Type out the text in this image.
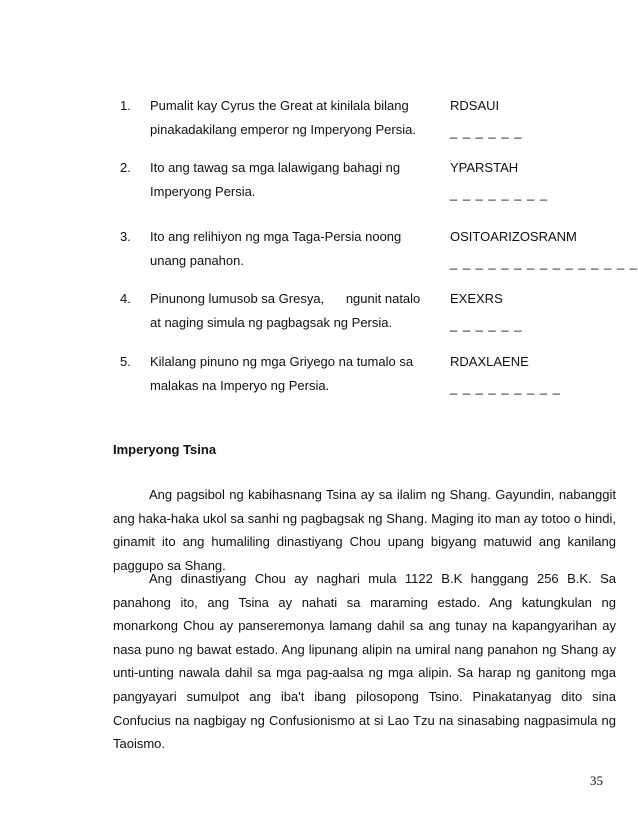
1. Pumalit kay Cyrus the Great at kinilala bilang
pinakadakilang emperor ng Imperyong Persia.
RDSAUI
_ _ _ _ _ _
2. Ito ang tawag sa mga lalawigang bahagi ng
Imperyong Persia.
YPARSTAH
_ _ _ _ _ _ _ _
3. Ito ang relihiyon ng mga Taga-Persia noong
unang panahon.
OSITOARIZOSRANM
_ _ _ _ _ _ _ _ _ _ _ _ _ _ _
4. Pinunong lumusob sa Gresya,      ngunit natalo
at naging simula ng pagbagsak ng Persia.
EXEXRS
_ _ _ _ _ _
5. Kilalang pinuno ng mga Griyego na tumalo sa
malakas na Imperyo ng Persia.
RDAXLAENE
_ _ _ _ _ _ _ _ _
Imperyong Tsina

Ang pagsibol ng kabihasnang Tsina ay sa ilalim ng Shang. Gayundin, nabanggit ang haka-haka ukol sa sanhi ng pagbagsak ng Shang. Maging ito man ay totoo o hindi, ginamit ito ang humaliling dinastiyang Chou upang bigyang matuwid ang kanilang paggupo sa Shang.

Ang dinastiyang Chou ay naghari mula 1122 B.K hanggang 256 B.K. Sa panahong ito, ang Tsina ay nahati sa maraming estado. Ang katungkulan ng monarkong Chou ay panseremonya lamang dahil sa ang tunay na kapangyarihan ay nasa puno ng bawat estado. Ang lipunang alipin na umiral nang panahon ng Shang ay unti-unting nawala dahil sa mga pag-aalsa ng mga alipin. Sa harap ng ganitong mga pangyayari sumulpot ang iba't ibang pilosopong Tsino. Pinakatanyag dito sina Confucius na nagbigay ng Confusionismo at si Lao Tzu na sinasabing nagpasimula ng Taoismo.

35
